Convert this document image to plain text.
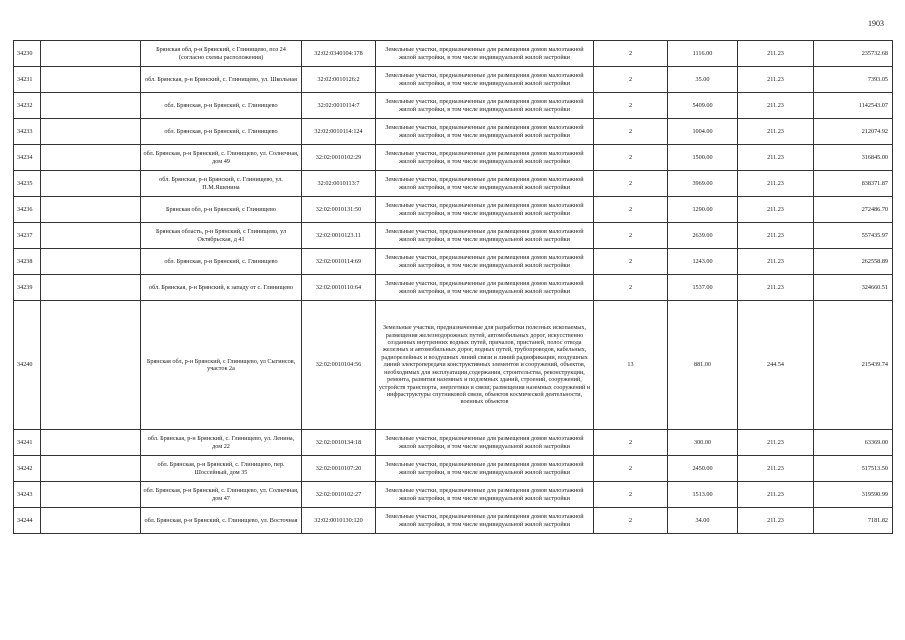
1903
34230		Брянская обл, р-н Брянский, с Глинищево, поз 24 (согласно схемы расположения)	32:02:0340104:178	Земельные участки, предназначенные для размещения домов малоэтажной жилой застройки, в том числе индивидуальной жилой застройки	2	1116.00	211.23	235732.68
34231		обл. Брянская, р-н Брянский, с. Глинищево, ул. Школьная	32:02:0010126:2	Земельные участки, предназначенные для размещения домов малоэтажной жилой застройки, в том числе индивидуальной жилой застройки	2	35.00	211.23	7393.05
34232		обл. Брянская, р-н Брянский, с. Глинищево	32:02:0010114:7	Земельные участки, предназначенные для размещения домов малоэтажной жилой застройки, в том числе индивидуальной жилой застройки	2	5409.00	211.23	1142543.07
34233		обл. Брянская, р-н Брянский, с. Глинищево	32:02:0010114:124	Земельные участки, предназначенные для размещения домов малоэтажной жилой застройки, в том числе индивидуальной жилой застройки	2	1004.00	211.23	212074.92
34234		обл. Брянская, р-н Брянский, с. Глинищево, ул. Солнечная, дом 49	32:02:0010102:29	Земельные участки, предназначенные для размещения домов малоэтажной жилой застройки, в том числе индивидуальной жилой застройки	2	1500.00	211.23	316845.00
34235		обл. Брянская, р-н Брянский, с. Глинищево, ул. П.М.Яшенина	32:02:0010113:7	Земельные участки, предназначенные для размещения домов малоэтажной жилой застройки, в том числе индивидуальной жилой застройки	2	3969.00	211.23	838371.87
34236		Брянская обл, р-н Брянский, с Глинищево	32:02:0010131:50	Земельные участки, предназначенные для размещения домов малоэтажной жилой застройки, в том числе индивидуальной жилой застройки	2	1290.00	211.23	272486.70
34237		Брянская область, р-н Брянский, с Глинищево, ул Октябрьская, д 41	32:02:0010123.11	Земельные участки, предназначенные для размещения домов малоэтажной жилой застройки, в том числе индивидуальной жилой застройки	2	2639.00	211.23	557435.97
34238		обл. Брянская, р-н Брянский, с. Глинищево	32:02:0010114:69	Земельные участки, предназначенные для размещения домов малоэтажной жилой застройки, в том числе индивидуальной жилой застройки	2	1243.00	211.23	262558.89
34239		обл. Брянская, р-н Брянский, к западу от с. Глинищево	32:02:0010110:64	Земельные участки, предназначенные для размещения домов малоэтажной жилой застройки, в том числе индивидуальной жилой застройки	2	1537.00	211.23	324660.51
34240		Брянская обл, р-н Брянский, с Глинищево, ул Сыгинсов, участок 2а	32:02:0010104:56	Земельные участки, предназначенные для разработки полезных ископаемых, размещения железнодорожных путей, автомобильных дорог, искусственно созданных внутренних водных путей, причалов, пристаней, полос отвода железных и автомобильных дорог, водных путей, трубопроводов, кабельных, радиорелейных и воздушных линий связи и линий радиофикации, воздушных линий электропередачи конструктивных элементов и сооружений, объектов, необходимых для эксплуатации,содержания, строительства, реконструкции, ремонта, развития наземных и подземных зданий, строений, сооружений, устройств транспорта, энергетики и связи; размещения наземных сооружений и инфраструктуры спутниковой связи, объектов космической деятельности, военных объектов	13	881.00	244.54	215439.74
34241		обл. Брянская, р-н Брянский, с. Глинищево, ул. Ленина, дом 22	32:02:0010134:18	Земельные участки, предназначенные для размещения домов малоэтажной жилой застройки, в том числе индивидуальной жилой застройки	2	300.00	211.23	63369.00
34242		обл. Брянская, р-н Брянский, с. Глинищево, пер. Шоссейный, дом 35	32:02:0010107:20	Земельные участки, предназначенные для размещения домов малоэтажной жилой застройки, в том числе индивидуальной жилой застройки	2	2450.00	211.23	517513.50
34243		обл. Брянская, р-н Брянский, с. Глинищево, ул. Солнечная, дом 47	32:02:0010102:27	Земельные участки, предназначенные для размещения домов малоэтажной жилой застройки, в том числе индивидуальной жилой застройки	2	1513.00	211.23	319590.99
34244		обл. Брянская, р-н Брянский, с. Глинищево, ул. Восточная	32:02:0010130:120	Земельные участки, предназначенные для размещения домов малоэтажной жилой застройки, в том числе индивидуальной жилой застройки	2	34.00	211.23	7181.82
